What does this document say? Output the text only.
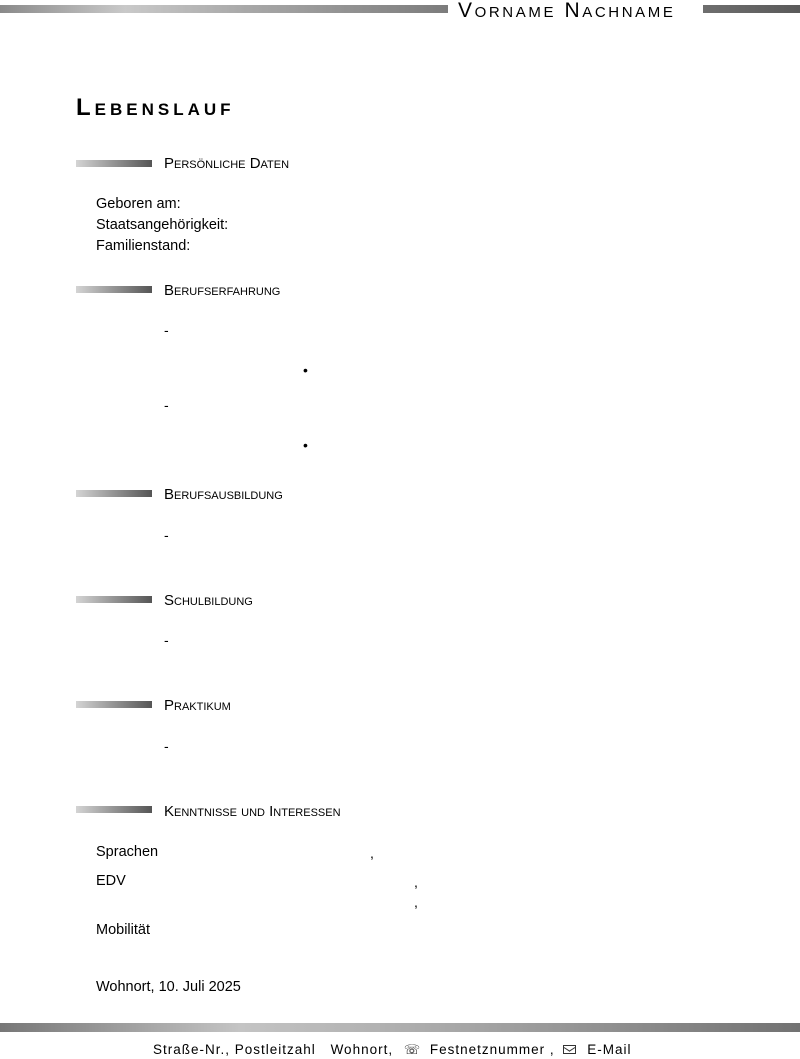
Vorname Nachname
Lebenslauf
Persönliche Daten
Geboren am:
Staatsangehörigkeit:
Familienstand:
Berufserfahrung
-
•
-
•
Berufsausbildung
-
Schulbildung
-
Praktikum
-
Kenntnisse und Interessen
Sprachen	,
EDV	,
,
Mobilität
Wohnort, 10. Juli 2025
Straße-Nr., Postleitzahl Wohnort, ☏ Festnetznummer , E-Mail
